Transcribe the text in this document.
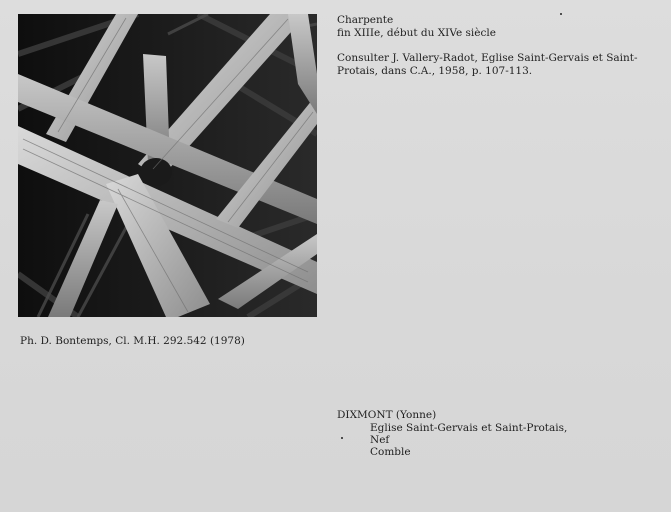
Charpente
fin XIIIe, début du XIVe siècle
Consulter J. Vallery-Radot, Eglise Saint-Gervais et Saint-
Protais, dans C.A., 1958, p. 107-113.
Ph. D. Bontemps, Cl. M.H. 292.542 (1978)
DIXMONT (Yonne)
Eglise Saint-Gervais et Saint-Protais,
Nef
Comble
